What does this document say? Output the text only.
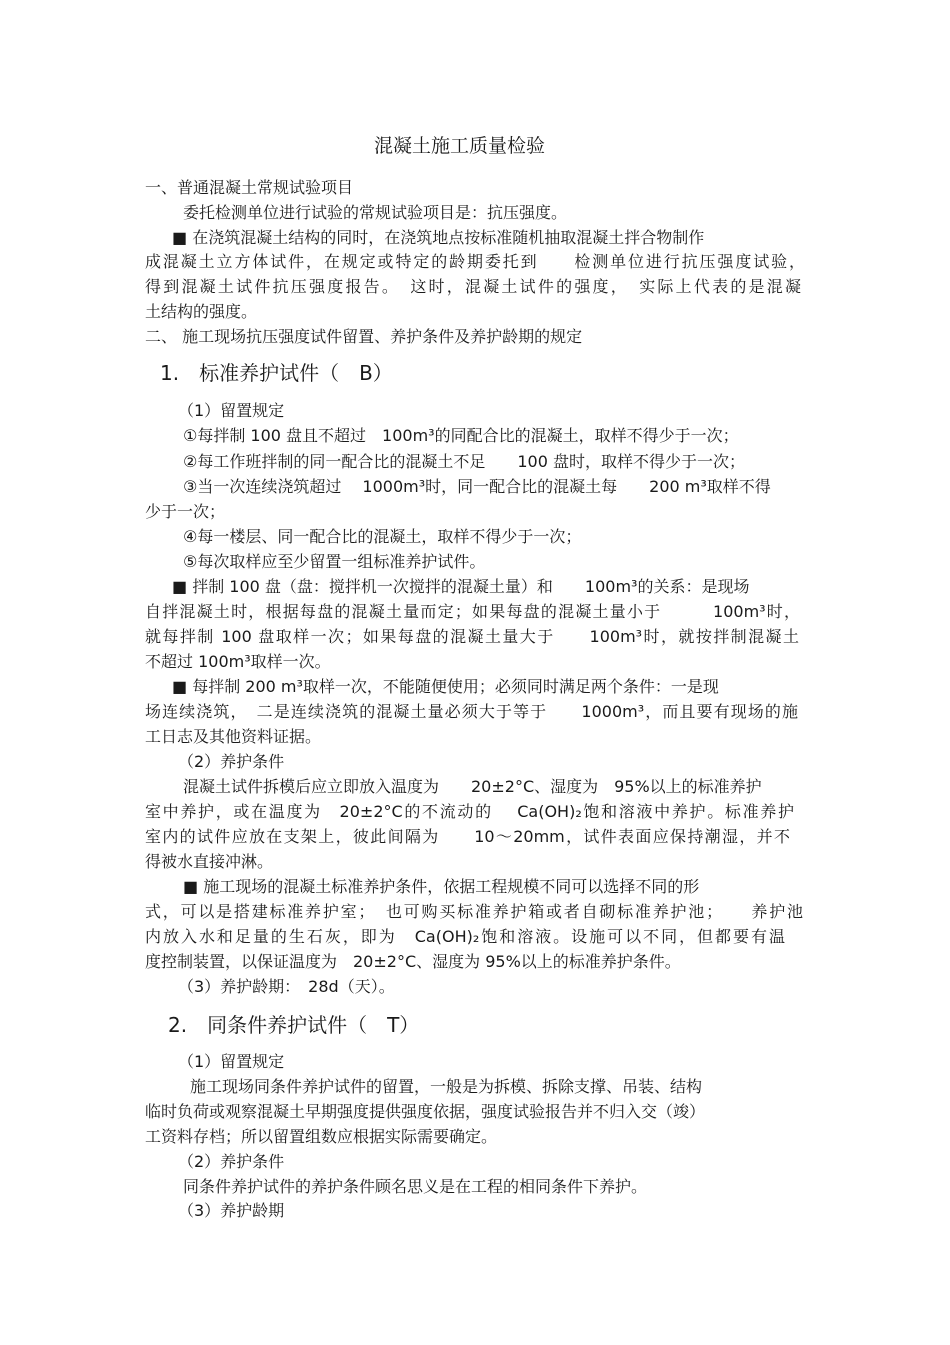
混凝土施工质量检验
一、普通混凝土常规试验项目
委托检测单位进行试验的常规试验项目是：抗压强度。
■ 在浇筑混凝土结构的同时，在浇筑地点按标准随机抽取混凝土拌合物制作
成混凝土立方体试件，在规定或特定的龄期委托到　　检测单位进行抗压强度试验，
得到混凝土试件抗压强度报告。　这时，混凝土试件的强度，　实际上代表的是混凝
土结构的强度。
二、 施工现场抗压强度试件留置、养护条件及养护龄期的规定
1.　标准养护试件（　B）
（1）留置规定
①每拌制 100 盘且不超过　100m³的同配合比的混凝土，取样不得少于一次；
②每工作班拌制的同一配合比的混凝土不足　　100 盘时，取样不得少于一次；
③当一次连续浇筑超过　 1000m³时，同一配合比的混凝土每　　200 m³取样不得
少于一次；
④每一楼层、同一配合比的混凝土，取样不得少于一次；
⑤每次取样应至少留置一组标准养护试件。
■ 拌制 100 盘（盘：搅拌机一次搅拌的混凝土量）和　　100m³的关系：是现场
自拌混凝土时，根据每盘的混凝土量而定；如果每盘的混凝土量小于　　　100m³时，
就每拌制 100 盘取样一次；如果每盘的混凝土量大于　　100m³时，就按拌制混凝土
不超过 100m³取样一次。
■ 每拌制 200 m³取样一次，不能随便使用；必须同时满足两个条件：一是现
场连续浇筑，　二是连续浇筑的混凝土量必须大于等于　　1000m³，而且要有现场的施
工日志及其他资料证据。
（2）养护条件
混凝土试件拆模后应立即放入温度为　　20±2°C、湿度为　95%以上的标准养护
室中养护，或在温度为　20±2°C的不流动的　 Ca(OH)₂饱和溶液中养护。标准养护
室内的试件应放在支架上，彼此间隔为　　10～20mm，试件表面应保持潮湿，并不
得被水直接冲淋。
■ 施工现场的混凝土标准养护条件，依据工程规模不同可以选择不同的形
式，可以是搭建标准养护室；　也可购买标准养护箱或者自砌标准养护池；　　养护池
内放入水和足量的生石灰，即为　Ca(OH)₂饱和溶液。设施可以不同，但都要有温
度控制装置，以保证温度为　20±2°C、湿度为 95%以上的标准养护条件。
（3）养护龄期：　28d（天）。
2.　同条件养护试件（　T）
（1）留置规定
施工现场同条件养护试件的留置，一般是为拆模、拆除支撑、吊装、结构
临时负荷或观察混凝土早期强度提供强度依据，强度试验报告并不归入交（竣）
工资料存档；所以留置组数应根据实际需要确定。
（2）养护条件
同条件养护试件的养护条件顾名思义是在工程的相同条件下养护。
（3）养护龄期
